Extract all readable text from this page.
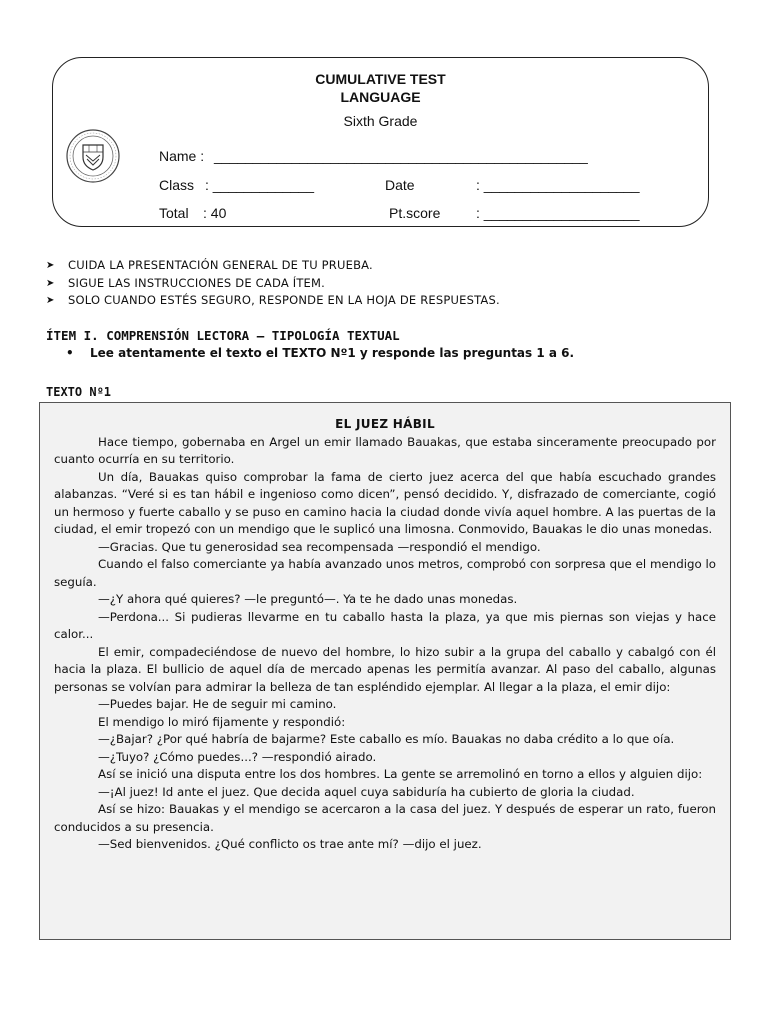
CUMULATIVE TEST
LANGUAGE
Sixth Grade
Name : ________________________________________________
Class : _____________	Date	: ____________________
Total : 40	Pt.score	: ____________________
➤	CUIDA LA PRESENTACIÓN GENERAL DE TU PRUEBA.
➤	SIGUE LAS INSTRUCCIONES DE CADA ÍTEM.
➤	SOLO CUANDO ESTÉS SEGURO, RESPONDE EN LA HOJA DE RESPUESTAS.
ÍTEM I. COMPRENSIÓN LECTORA – TIPOLOGÍA TEXTUAL
• Lee atentamente el texto el TEXTO Nº1 y responde las preguntas 1 a 6.
TEXTO Nº1
EL JUEZ HÁBIL

Hace tiempo, gobernaba en Argel un emir llamado Bauakas, que estaba sinceramente preocupado por cuanto ocurría en su territorio.

Un día, Bauakas quiso comprobar la fama de cierto juez acerca del que había escuchado grandes alabanzas. “Veré si es tan hábil e ingenioso como dicen”, pensó decidido. Y, disfrazado de comerciante, cogió un hermoso y fuerte caballo y se puso en camino hacia la ciudad donde vivía aquel hombre. A las puertas de la ciudad, el emir tropezó con un mendigo que le suplicó una limosna. Conmovido, Bauakas le dio unas monedas.

—Gracias. Que tu generosidad sea recompensada —respondió el mendigo.

Cuando el falso comerciante ya había avanzado unos metros, comprobó con sorpresa que el mendigo lo seguía.

—¿Y ahora qué quieres? —le preguntó—. Ya te he dado unas monedas.

—Perdona... Si pudieras llevarme en tu caballo hasta la plaza, ya que mis piernas son viejas y hace calor...

El emir, compadeciéndose de nuevo del hombre, lo hizo subir a la grupa del caballo y cabalgó con él hacia la plaza. El bullicio de aquel día de mercado apenas les permitía avanzar. Al paso del caballo, algunas personas se volvían para admirar la belleza de tan espléndido ejemplar. Al llegar a la plaza, el emir dijo:

—Puedes bajar. He de seguir mi camino.

El mendigo lo miró fijamente y respondió:

—¿Bajar? ¿Por qué habría de bajarme? Este caballo es mío. Bauakas no daba crédito a lo que oía.

—¿Tuyo? ¿Cómo puedes...? —respondió airado.

Así se inició una disputa entre los dos hombres. La gente se arremolinó en torno a ellos y alguien dijo:

—¡Al juez! Id ante el juez. Que decida aquel cuya sabiduría ha cubierto de gloria la ciudad.

Así se hizo: Bauakas y el mendigo se acercaron a la casa del juez. Y después de esperar un rato, fueron conducidos a su presencia.

—Sed bienvenidos. ¿Qué conflicto os trae ante mí? —dijo el juez.
